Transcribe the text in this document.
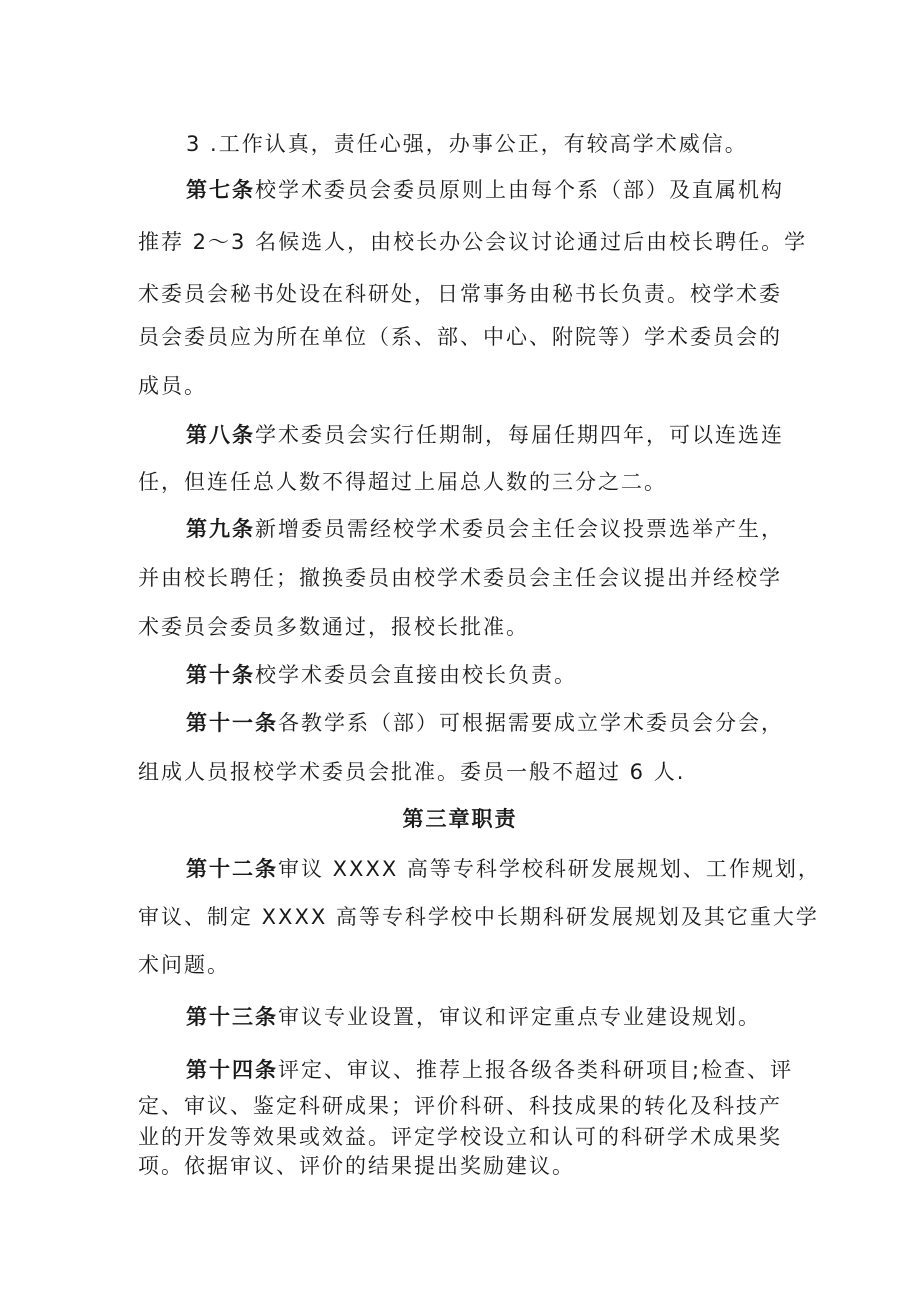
3 .工作认真，责任心强，办事公正，有较高学术威信。
第七条校学术委员会委员原则上由每个系（部）及直属机构
推荐 2～3 名候选人，由校长办公会议讨论通过后由校长聘任。学
术委员会秘书处设在科研处，日常事务由秘书长负责。校学术委
员会委员应为所在单位（系、部、中心、附院等）学术委员会的
成员。
第八条学术委员会实行任期制，每届任期四年，可以连选连
任，但连任总人数不得超过上届总人数的三分之二。
第九条新增委员需经校学术委员会主任会议投票选举产生，
并由校长聘任；撤换委员由校学术委员会主任会议提出并经校学
术委员会委员多数通过，报校长批准。
第十条校学术委员会直接由校长负责。
第十一条各教学系（部）可根据需要成立学术委员会分会，
组成人员报校学术委员会批准。委员一般不超过 6 人.
第三章职责
第十二条审议 XXXX 高等专科学校科研发展规划、工作规划，
审议、制定 XXXX 高等专科学校中长期科研发展规划及其它重大学
术问题。
第十三条审议专业设置，审议和评定重点专业建设规划。
第十四条评定、审议、推荐上报各级各类科研项目;检查、评
定、审议、鉴定科研成果；评价科研、科技成果的转化及科技产
业的开发等效果或效益。评定学校设立和认可的科研学术成果奖
项。依据审议、评价的结果提出奖励建议。
